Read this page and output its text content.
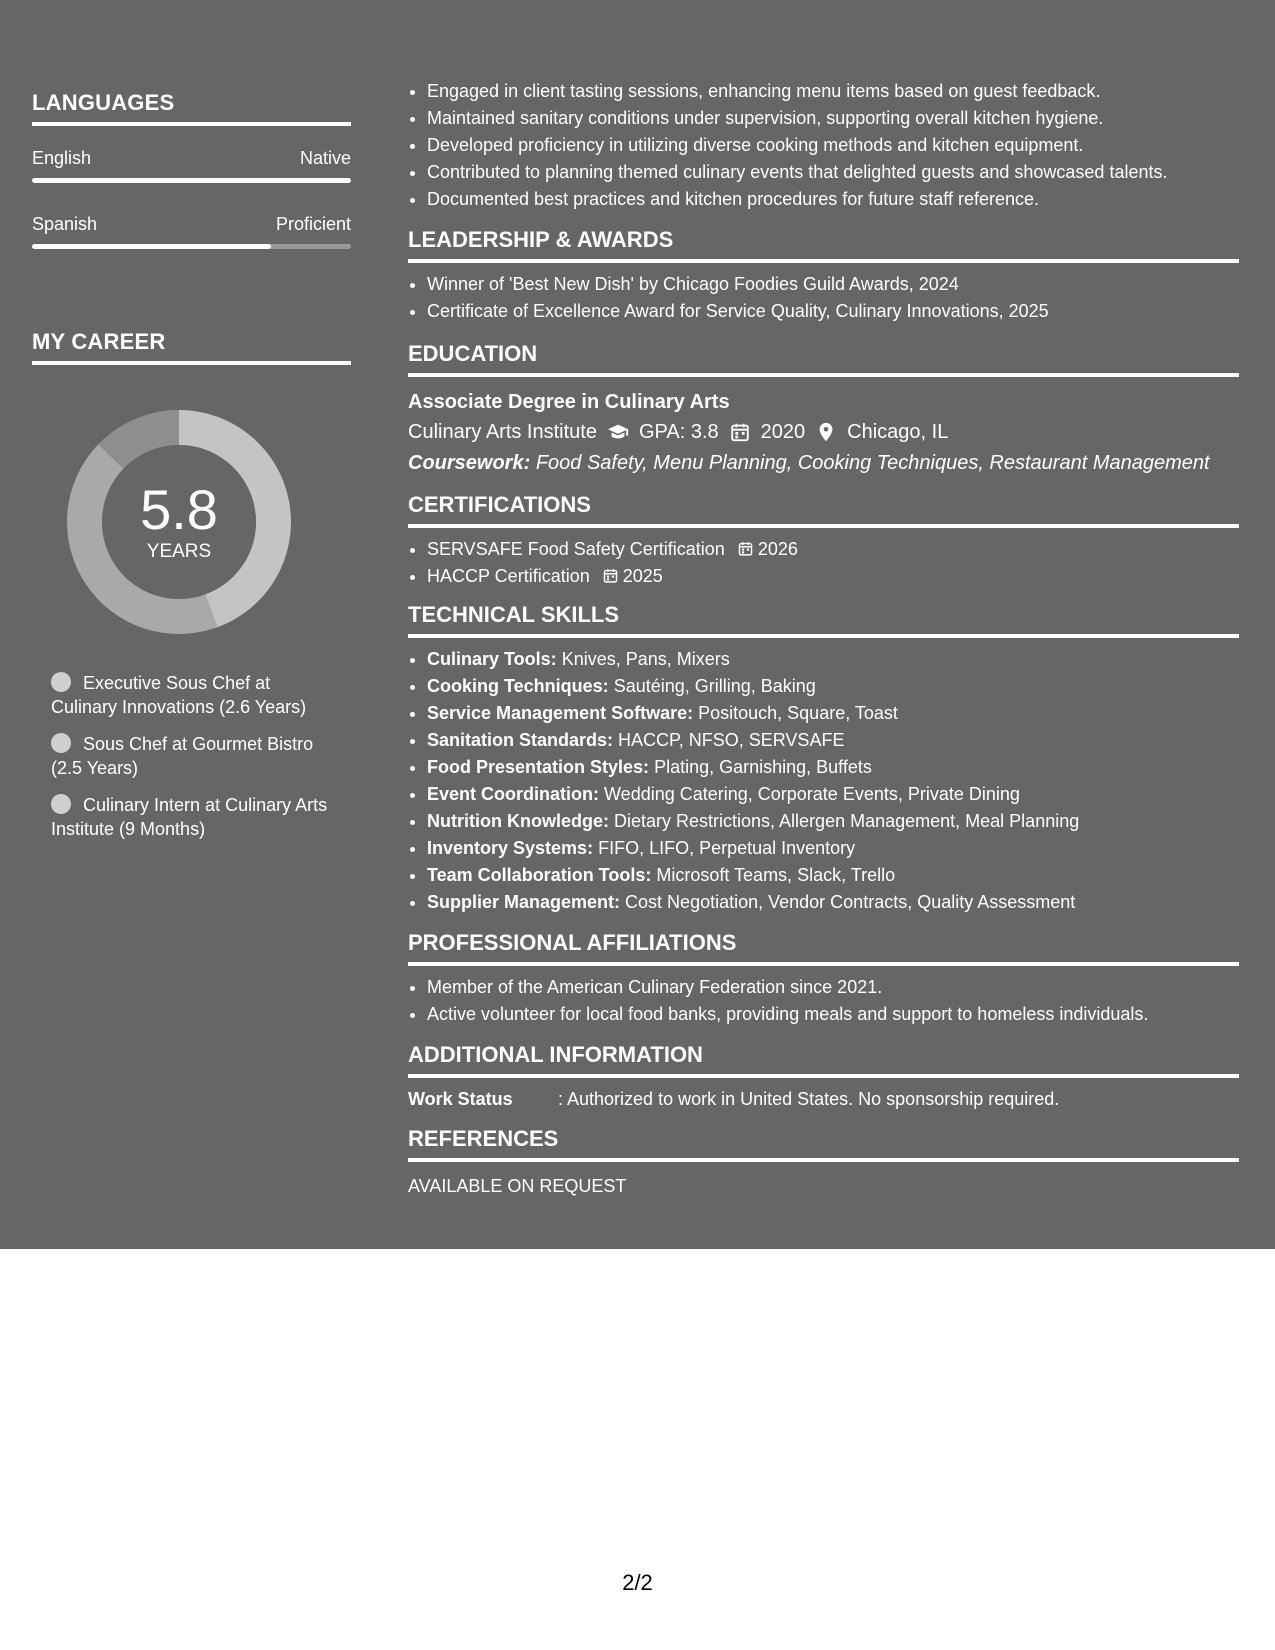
LANGUAGES
English	Native
Spanish	Proficient
MY CAREER
5.8
YEARS
Executive Sous Chef at Culinary Innovations (2.6 Years)
Sous Chef at Gourmet Bistro (2.5 Years)
Culinary Intern at Culinary Arts Institute (9 Months)
• Engaged in client tasting sessions, enhancing menu items based on guest feedback.
• Maintained sanitary conditions under supervision, supporting overall kitchen hygiene.
• Developed proficiency in utilizing diverse cooking methods and kitchen equipment.
• Contributed to planning themed culinary events that delighted guests and showcased talents.
• Documented best practices and kitchen procedures for future staff reference.
LEADERSHIP & AWARDS
• Winner of 'Best New Dish' by Chicago Foodies Guild Awards, 2024
• Certificate of Excellence Award for Service Quality, Culinary Innovations, 2025
EDUCATION
Associate Degree in Culinary Arts
Culinary Arts Institute GPA: 3.8 2020 Chicago, IL
Coursework: Food Safety, Menu Planning, Cooking Techniques, Restaurant Management
CERTIFICATIONS
• SERVSAFE Food Safety Certification 2026
• HACCP Certification 2025
TECHNICAL SKILLS
• Culinary Tools: Knives, Pans, Mixers
• Cooking Techniques: Sautéing, Grilling, Baking
• Service Management Software: Positouch, Square, Toast
• Sanitation Standards: HACCP, NFSO, SERVSAFE
• Food Presentation Styles: Plating, Garnishing, Buffets
• Event Coordination: Wedding Catering, Corporate Events, Private Dining
• Nutrition Knowledge: Dietary Restrictions, Allergen Management, Meal Planning
• Inventory Systems: FIFO, LIFO, Perpetual Inventory
• Team Collaboration Tools: Microsoft Teams, Slack, Trello
• Supplier Management: Cost Negotiation, Vendor Contracts, Quality Assessment
PROFESSIONAL AFFILIATIONS
• Member of the American Culinary Federation since 2021.
• Active volunteer for local food banks, providing meals and support to homeless individuals.
ADDITIONAL INFORMATION
Work Status	: Authorized to work in United States. No sponsorship required.
REFERENCES
AVAILABLE ON REQUEST
2/2
